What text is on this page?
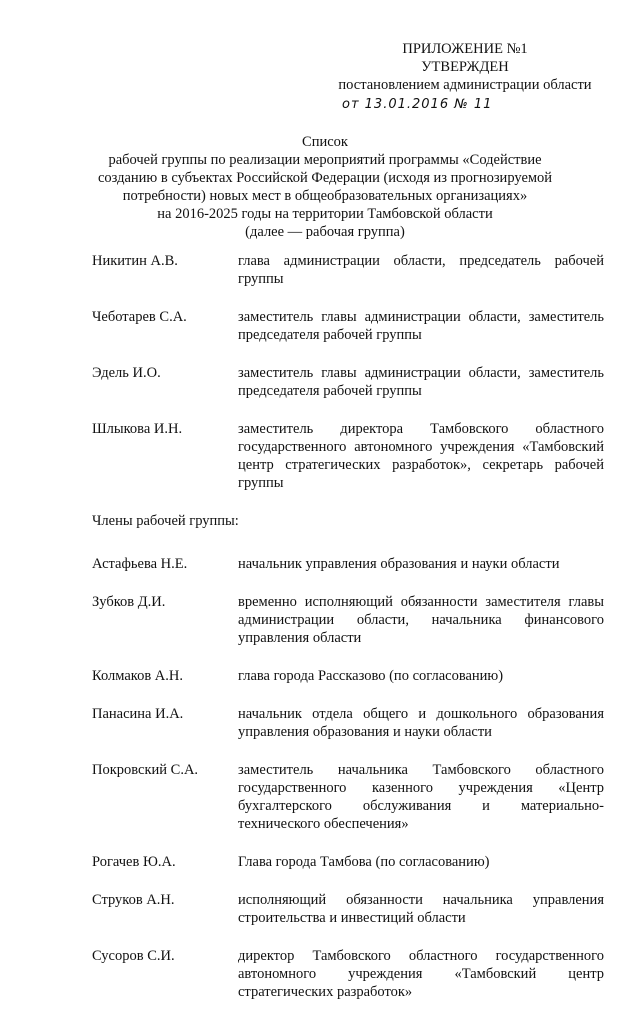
ПРИЛОЖЕНИЕ №1
УТВЕРЖДЕН
постановлением администрации области
от 13.01.2016 № 11
Список
рабочей группы по реализации мероприятий программы «Содействие
созданию в субъектах Российской Федерации (исходя из прогнозируемой
потребности) новых мест в общеобразовательных организациях»
на 2016-2025 годы на территории Тамбовской области
(далее — рабочая группа)
Никитин А.В.	глава администрации области, председатель рабочей группы
Чеботарев С.А.	заместитель главы администрации области, заместитель председателя рабочей группы
Эдель И.О.	заместитель главы администрации области, заместитель председателя рабочей группы
Шлыкова И.Н.	заместитель директора Тамбовского областного государственного автономного учреждения «Тамбовский центр стратегических разработок», секретарь рабочей группы
Члены рабочей группы:
Астафьева Н.Е.	начальник управления образования и науки области
Зубков Д.И.	временно исполняющий обязанности заместителя главы администрации области, начальника финансового управления области
Колмаков А.Н.	глава города Рассказово (по согласованию)
Панасина И.А.	начальник отдела общего и дошкольного образования управления образования и науки области
Покровский С.А.	заместитель начальника Тамбовского областного государственного казенного учреждения «Центр бухгалтерского обслуживания и материально-технического обеспечения»
Рогачев Ю.А.	Глава города Тамбова (по согласованию)
Струков А.Н.	исполняющий обязанности начальника управления строительства и инвестиций области
Сусоров С.И.	директор Тамбовского областного государственного автономного учреждения «Тамбовский центр стратегических разработок»
